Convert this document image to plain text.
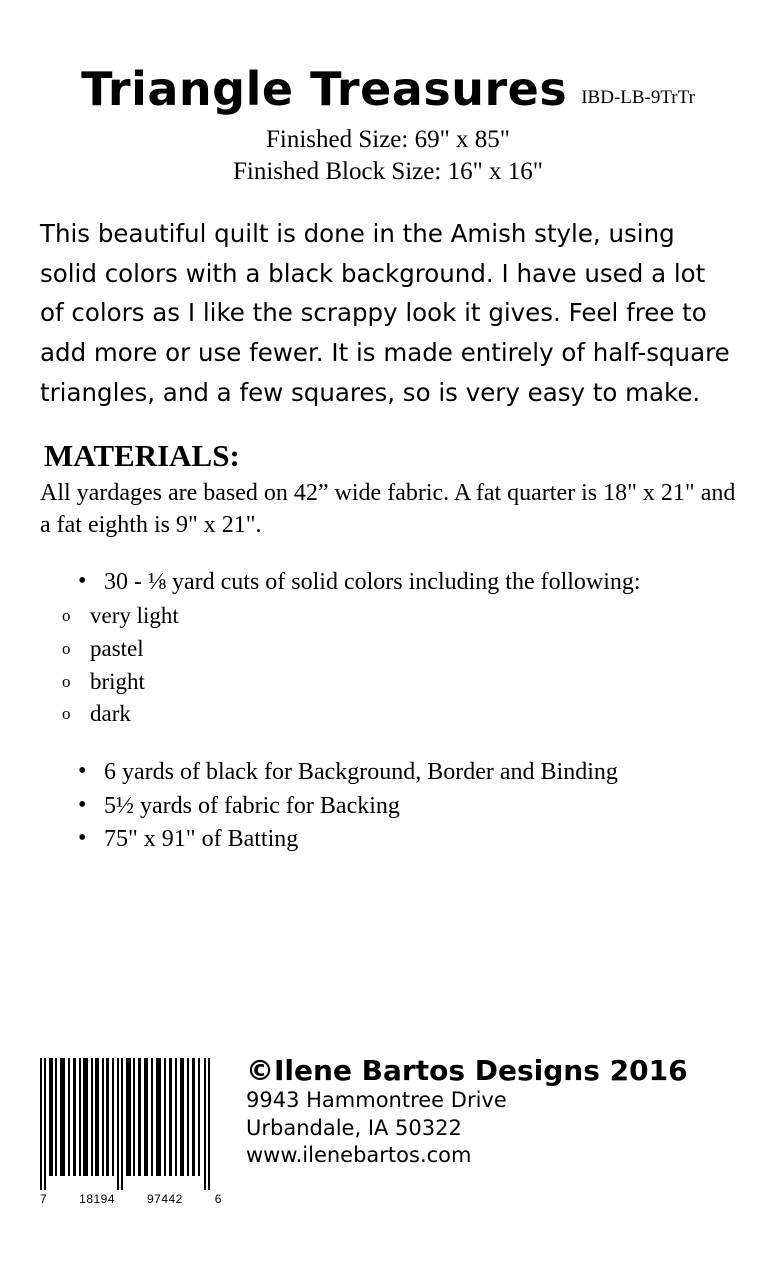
Triangle Treasures IBD-LB-9TrTr
Finished Size: 69" x 85"
Finished Block Size: 16" x 16"
This beautiful quilt is done in the Amish style, using solid colors with a black background. I have used a lot of colors as I like the scrappy look it gives. Feel free to add more or use fewer. It is made entirely of half-square triangles, and a few squares, so is very easy to make.
MATERIALS:
All yardages are based on 42” wide fabric. A fat quarter is 18" x 21" and a fat eighth is 9" x 21".
• 30 - ⅛ yard cuts of solid colors including the following:
o very light
o pastel
o bright
o dark
• 6 yards of black for Background, Border and Binding
• 5½ yards of fabric for Backing
• 75" x 91" of Batting
7	18194	97442	6
©Ilene Bartos Designs 2016
9943 Hammontree Drive
Urbandale, IA 50322
www.ilenebartos.com
